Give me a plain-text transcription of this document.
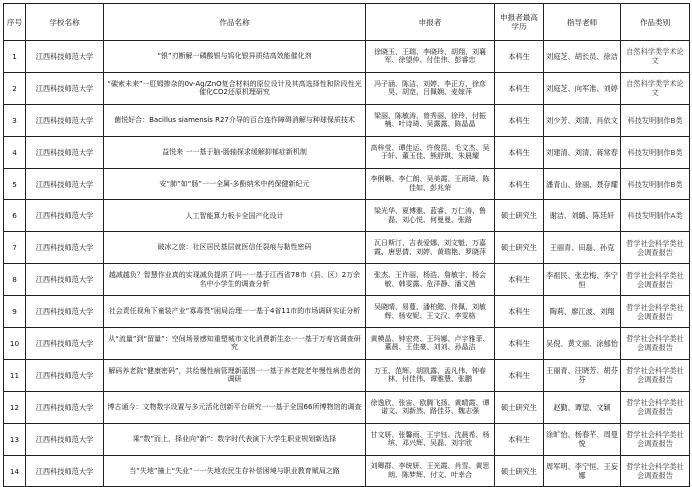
序号	学校名称	作品名称	申报者	申报者最高学历	指导老师	作品类别
1	江西科技师范大学	“银”刃断解一磷酸银与钨化银异质结高效能催化剂	徐晓玉、王瑞、李晓玲、胡翔、刘襄军、徐望仲、付佳伟、彭睿忠	本科生	刘庭芝、胡长员、徐洁	自然科学类学术论文
2	江西科技师范大学	“碳索未来”一肛姆掺杂的0v-Ag/ZnO复合材料的原位设计及其高选择性和阶段性光催化CO2还原机理研究	冯子涵、陈洁、刘婷、李正方、徐彦昊、胡宽、吕佩娴、麦嫁萍	本科生	刘庭芝、向军准、刘婷	自然科学类学术论文
3	江西科技师范大学	菌悦好合：Bacillus siamensis R27介导的百合连作障碍消解与种球保质技术	梁丽、陈敏涛、曾秀丽、徐玲、付振楠、叶诗琦、吴露露、陈晶晶	本科生	刘少芳、刘清、肖依文	科技发明制作B类
4	江西科技师范大学	益悦来 一一基于脑-肠轴探求缓解抑郁症新机制	高梓莹、谭佳运、许俊昆、毛文杰、吴于轩、董玉佳、熊舒琪、朱晨耀	本科生	刘建清、刘清、蒋常春	科技发明制作B类
5	江西科技师范大学	安“肺”如“肠”一一全属-多酚纳米中药保健新纪元	李俐晰、李仁朗、吴美霞、王雨琦、陈佳如、彭兆荣	本科生	潘青山、徐丽、聂存耀	科技发明制作B类
6	江西科技师范大学	人工智能算力板卡全国产化设计	梁光华、夏博雅、蓝睿、万仁涛、鲁磊、刘心悦、何曼曼、张路	硕士研究生	谢洁、刘璐、陈廷轩	科技发明制作A类
7	江西科技师范大学	破冰之旅：社区居民基层就医信任裂痕与黏性密码	瓦日斯汀、吉表爱娜、刘文魁、万嘉霞、唐思倩、刘婷、黄瑞艳、罗晓萍	硕士研究生	王丽青、田磊、孙克	哲学社会科学类社会调查报告
8	江西科技师范大学	越减越负？智慧作业真的实现减负提质了吗一一基于江西省78市（县、区）2万余名中小学生的调查分析	张杰、王许丽、杨浩、詹敏宇、杨会敏、韩雯露、危洋静、潘文茜	本科生	李祖民、张忠梅、李宁恒	哲学社会科学类社会调查报告
9	江西科技师范大学	社会责任视角下童装产业“寡毒畏”困局治理一一基于4省11市的市场调研实证分析	吴晓晴、易蔓、潘柏懿、佟佩、刘敏辉、杨安妮、王文汉、李雯格	本科生	陶莉、廖江波、刘翔	哲学社会科学类社会调查报告
10	江西科技师范大学	从“流量”到“留量”：空间场景感知重塑城市文化消费新生态一一基于万寿宫调查研究	黄模晶、钟宏亮、王玛娜、卢宇雅菲、董晨、王佳豪、刘刘、孙晶洁	本科生	吴倪、黄文丽、涂郁怡	哲学社会科学类社会调查报告
11	江西科技师范大学	解码养老院“健康密码”，共绘慢性病管理新蓝图一一基于养老院老年慢性病患者的调研	万玉、范辉、胡凯露、孟凡伟、钟春林、付佳伟、谭雅慧、张鹏	本科生	王丽青、汪晓芳、胡芬芬	哲学社会科学类社会调查报告
12	江西科技师范大学	博古通今：文物数字设置与多元活化创新平台研究一一基于全国66所博物馆的调查	徐逸欣、张宙、欧腾飞扬、黄晴霞、谭诺文、刘新然、路佳芬、魏志强	硕士研究生	赵勤、谭望、文颖	哲学社会科学类社会调查报告
13	江西科技师范大学	乘“数”而上，择业向“新”：数字时代表演下大学生职业规划新选择	甘文妍、张馨雨、王宇钰、沈晨希、杨缤、邓兴辉、吴磊、刘宇欣	本科生	涂旷怡、杨春芊、周曼悦	哲学社会科学类社会调查报告
14	江西科技师范大学	当“失地”撞上“失业”一一失地农民生存补偿困境与职业教育赋局之路	刘卿群、李统妍、王光霞、肖雪、黄思朗、陈梦辉、付文、叶幸合	硕士研究生	周军明、李宁恒、王妄娜	哲学社会科学类社会调查报告
